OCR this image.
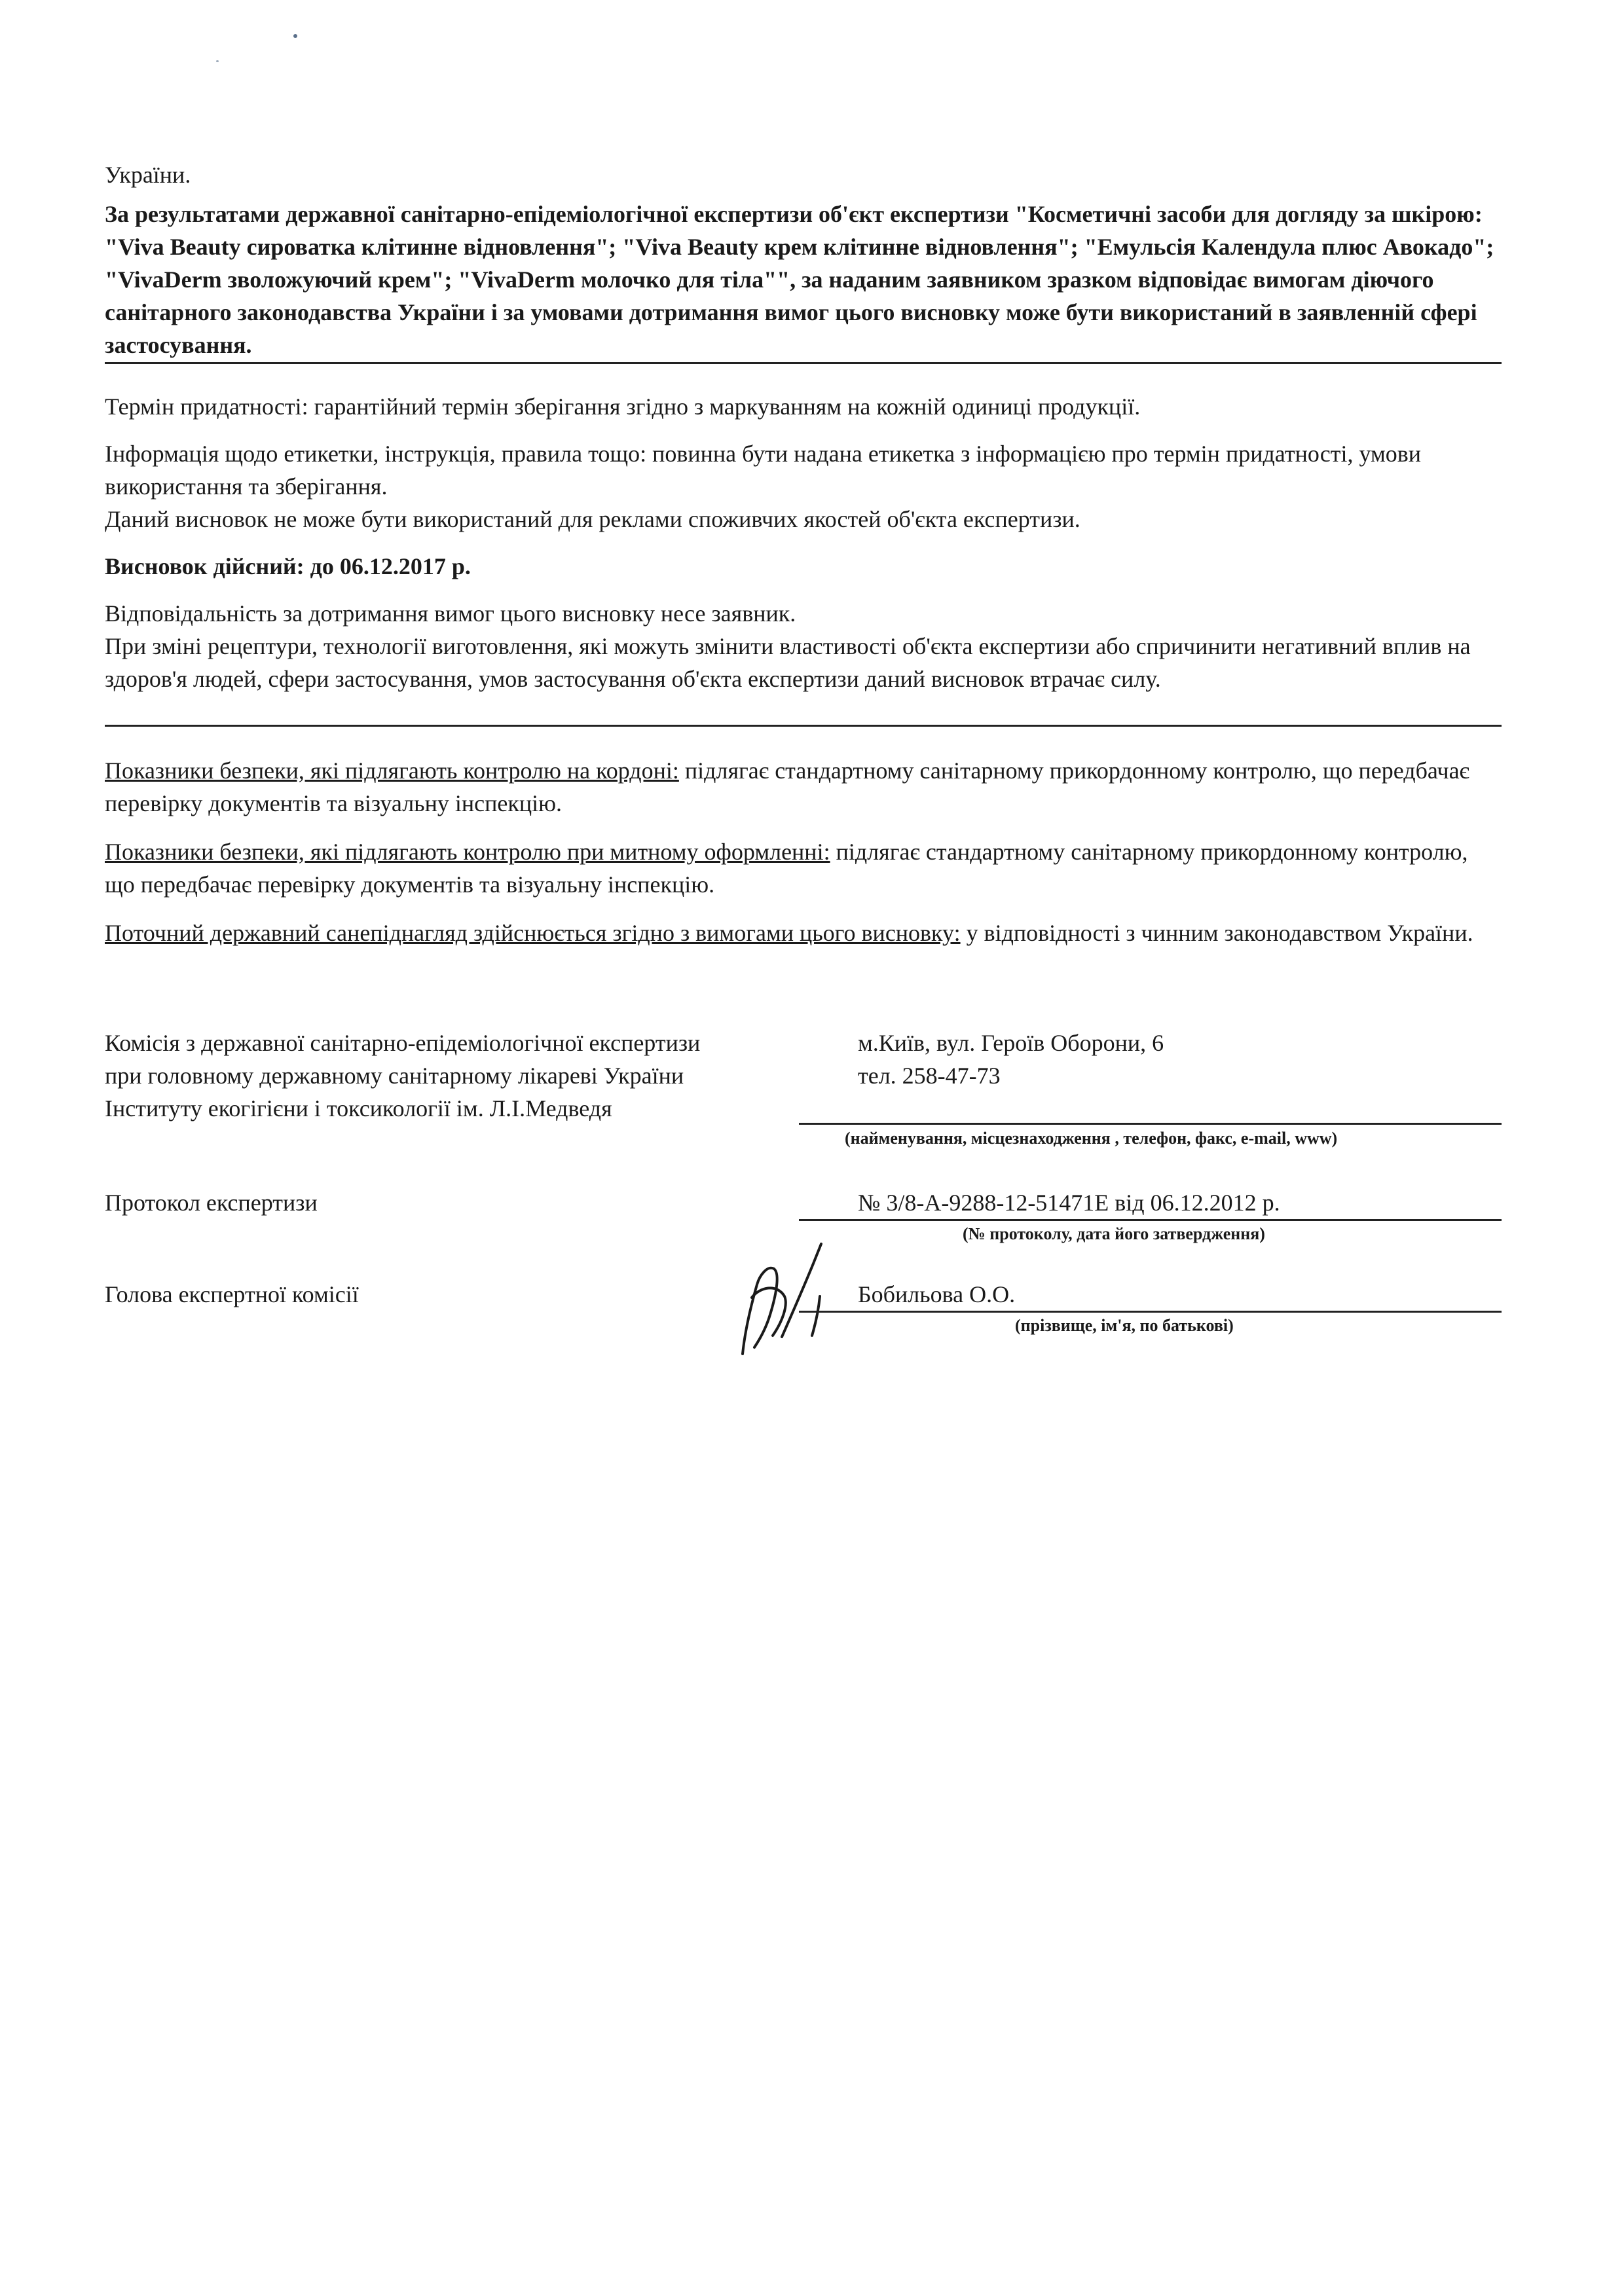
України.

За результатами державної санітарно-епідеміологічної експертизи об'єкт експертизи "Косметичні засоби для догляду за шкірою: "Viva Beauty сироватка клітинне відновлення"; "Viva Beauty крем клітинне відновлення"; "Емульсія Календула плюс Авокадо"; "VivaDerm зволожуючий крем"; "VivaDerm молочко для тіла"", за наданим заявником зразком відповідає вимогам діючого санітарного законодавства України і за умовами дотримання вимог цього висновку може бути використаний в заявленній сфері застосування.

Термін придатності: гарантійний термін зберігання згідно з маркуванням на кожній одиниці продукції.

Інформація щодо етикетки, інструкція, правила тощо: повинна бути надана етикетка з інформацією про термін придатності, умови використання та зберігання.

Даний висновок не може бути використаний для реклами споживчих якостей об'єкта експертизи.

Висновок дійсний: до 06.12.2017 р.

Відповідальність за дотримання вимог цього висновку несе заявник.

При зміні рецептури, технології виготовлення, які можуть змінити властивості об'єкта експертизи або спричинити негативний вплив на здоров'я людей, сфери застосування, умов застосування об'єкта експертизи даний висновок втрачає силу.

Показники безпеки, які підлягають контролю на кордоні: підлягає стандартному санітарному прикордонному контролю, що передбачає перевірку документів та візуальну інспекцію.

Показники безпеки, які підлягають контролю при митному оформленні: підлягає стандартному санітарному прикордонному контролю, що передбачає перевірку документів та візуальну інспекцію.

Поточний державний санепіднагляд здійснюється згідно з вимогами цього висновку: у відповідності з чинним законодавством України.

Комісія з державної санітарно-епідеміологічної експертизи
при головному державному санітарному лікареві України
Інституту екогігієни і токсикології ім. Л.І.Медведя
м.Київ, вул. Героїв Оборони, 6
тел. 258-47-73
(найменування, місцезнаходження , телефон, факс, e-mail, www)
Протокол експертизи	№ 3/8-А-9288-12-51471Е від 06.12.2012 р.
(№ протоколу, дата його затвердження)
Голова експертної комісії	Бобильова О.О.
(прізвище, ім'я, по батькові)
